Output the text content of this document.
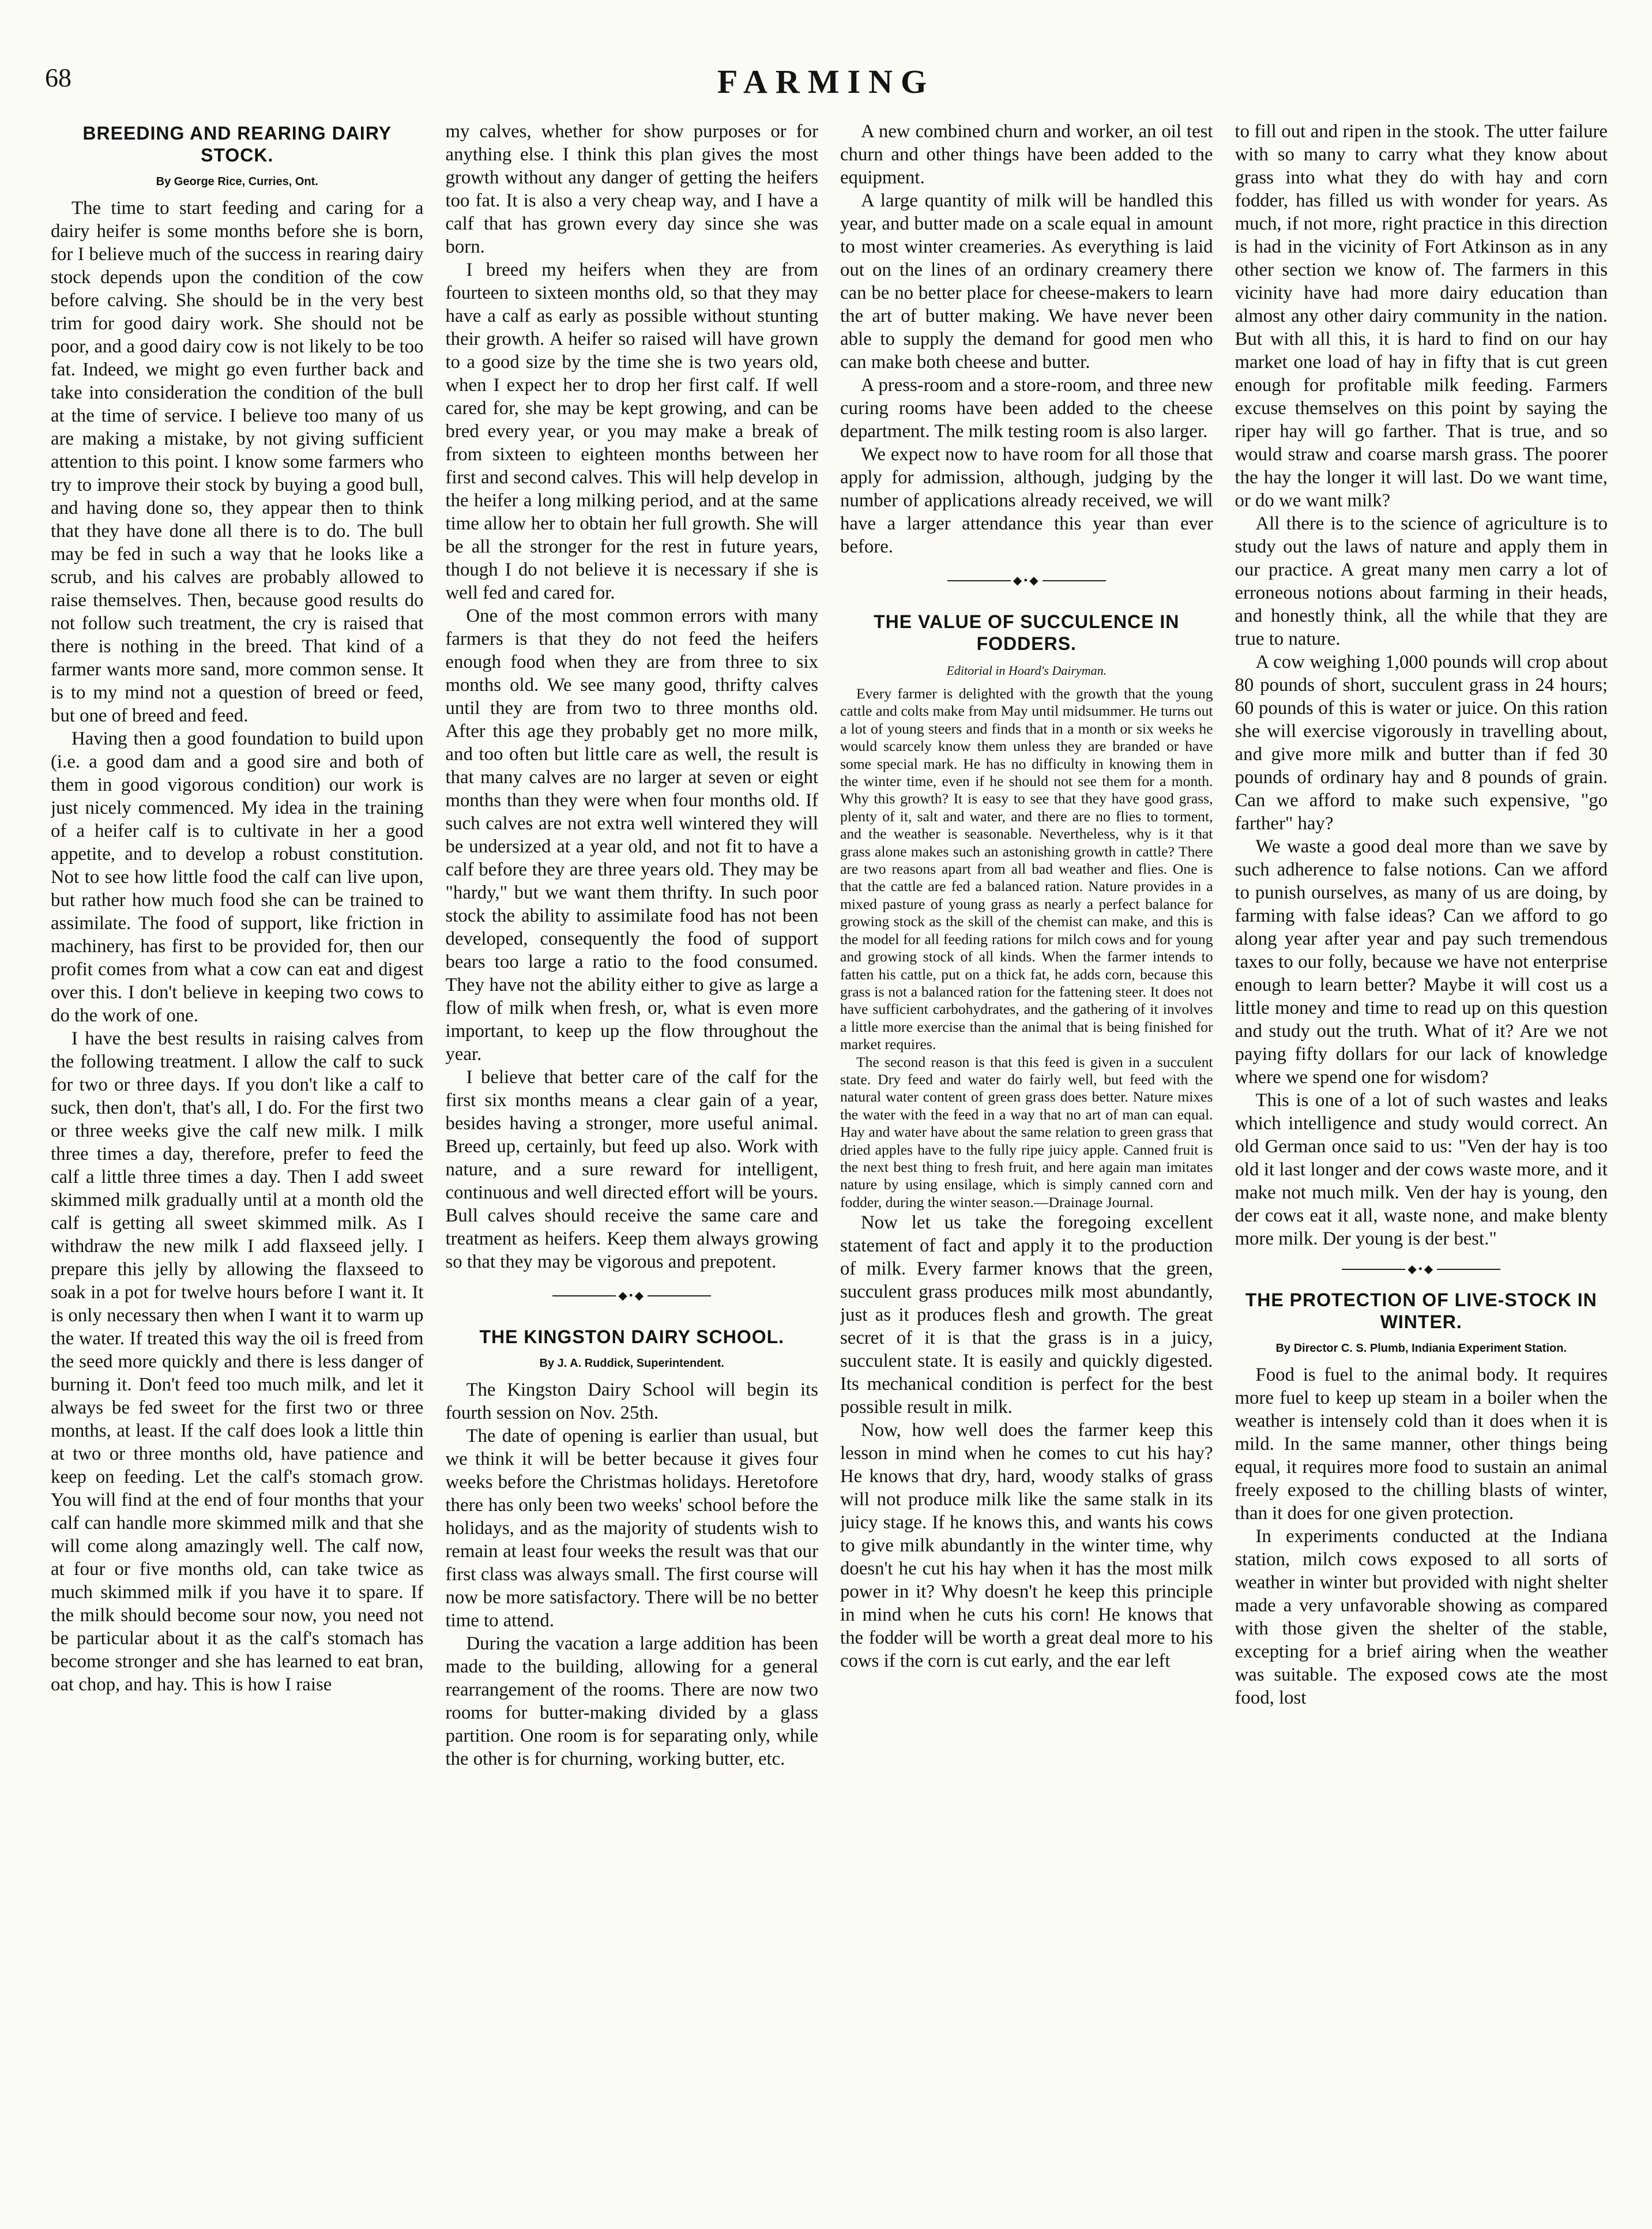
68	FARMING
BREEDING AND REARING DAIRY STOCK.
By George Rice, Curries, Ont.

The time to start feeding and caring for a dairy heifer is some months before she is born, for I believe much of the success in rearing dairy stock depends upon the condition of the cow before calving. She should be in the very best trim for good dairy work. She should not be poor, and a good dairy cow is not likely to be too fat. Indeed, we might go even further back and take into consideration the condition of the bull at the time of service. I believe too many of us are making a mistake, by not giving sufficient attention to this point. I know some farmers who try to improve their stock by buying a good bull, and having done so, they appear then to think that they have done all there is to do. The bull may be fed in such a way that he looks like a scrub, and his calves are probably allowed to raise themselves. Then, because good results do not follow such treatment, the cry is raised that there is nothing in the breed. That kind of a farmer wants more sand, more common sense. It is to my mind not a question of breed or feed, but one of breed and feed.

Having then a good foundation to build upon (i.e. a good dam and a good sire and both of them in good vigorous condition) our work is just nicely commenced. My idea in the training of a heifer calf is to cultivate in her a good appetite, and to develop a robust constitution. Not to see how little food the calf can live upon, but rather how much food she can be trained to assimilate. The food of support, like friction in machinery, has first to be provided for, then our profit comes from what a cow can eat and digest over this. I don't believe in keeping two cows to do the work of one.

I have the best results in raising calves from the following treatment. I allow the calf to suck for two or three days. If you don't like a calf to suck, then don't, that's all, I do. For the first two or three weeks give the calf new milk. I milk three times a day, therefore, prefer to feed the calf a little three times a day. Then I add sweet skimmed milk gradually until at a month old the calf is getting all sweet skimmed milk. As I withdraw the new milk I add flaxseed jelly. I prepare this jelly by allowing the flaxseed to soak in a pot for twelve hours before I want it. It is only necessary then when I want it to warm up the water. If treated this way the oil is freed from the seed more quickly and there is less danger of burning it. Don't feed too much milk, and let it always be fed sweet for the first two or three months, at least. If the calf does look a little thin at two or three months old, have patience and keep on feeding. Let the calf's stomach grow. You will find at the end of four months that your calf can handle more skimmed milk and that she will come along amazingly well. The calf now, at four or five months old, can take twice as much skimmed milk if you have it to spare. If the milk should become sour now, you need not be particular about it as the calf's stomach has become stronger and she has learned to eat bran, oat chop, and hay. This is how I raise

my calves, whether for show purposes or for anything else. I think this plan gives the most growth without any danger of getting the heifers too fat. It is also a very cheap way, and I have a calf that has grown every day since she was born.

I breed my heifers when they are from fourteen to sixteen months old, so that they may have a calf as early as possible without stunting their growth. A heifer so raised will have grown to a good size by the time she is two years old, when I expect her to drop her first calf. If well cared for, she may be kept growing, and can be bred every year, or you may make a break of from sixteen to eighteen months between her first and second calves. This will help develop in the heifer a long milking period, and at the same time allow her to obtain her full growth. She will be all the stronger for the rest in future years, though I do not believe it is necessary if she is well fed and cared for.

One of the most common errors with many farmers is that they do not feed the heifers enough food when they are from three to six months old. We see many good, thrifty calves until they are from two to three months old. After this age they probably get no more milk, and too often but little care as well, the result is that many calves are no larger at seven or eight months than they were when four months old. If such calves are not extra well wintered they will be undersized at a year old, and not fit to have a calf before they are three years old. They may be "hardy," but we want them thrifty. In such poor stock the ability to assimilate food has not been developed, consequently the food of support bears too large a ratio to the food consumed. They have not the ability either to give as large a flow of milk when fresh, or, what is even more important, to keep up the flow throughout the year.

I believe that better care of the calf for the first six months means a clear gain of a year, besides having a stronger, more useful animal. Breed up, certainly, but feed up also. Work with nature, and a sure reward for intelligent, continuous and well directed effort will be yours. Bull calves should receive the same care and treatment as heifers. Keep them always growing so that they may be vigorous and prepotent.

◆•◆
THE KINGSTON DAIRY SCHOOL.
By J. A. Ruddick, Superintendent.

The Kingston Dairy School will begin its fourth session on Nov. 25th.

The date of opening is earlier than usual, but we think it will be better because it gives four weeks before the Christmas holidays. Heretofore there has only been two weeks' school before the holidays, and as the majority of students wish to remain at least four weeks the result was that our first class was always small. The first course will now be more satisfactory. There will be no better time to attend.

During the vacation a large addition has been made to the building, allowing for a general rearrangement of the rooms. There are now two rooms for butter-making divided by a glass partition. One room is for separating only, while the other is for churning, working butter, etc.

A new combined churn and worker, an oil test churn and other things have been added to the equipment.

A large quantity of milk will be handled this year, and butter made on a scale equal in amount to most winter creameries. As everything is laid out on the lines of an ordinary creamery there can be no better place for cheese-makers to learn the art of butter making. We have never been able to supply the demand for good men who can make both cheese and butter.

A press-room and a store-room, and three new curing rooms have been added to the cheese department. The milk testing room is also larger.

We expect now to have room for all those that apply for admission, although, judging by the number of applications already received, we will have a larger attendance this year than ever before.

◆•◆
THE VALUE OF SUCCULENCE IN FODDERS.
Editorial in Hoard's Dairyman.

Every farmer is delighted with the growth that the young cattle and colts make from May until midsummer. He turns out a lot of young steers and finds that in a month or six weeks he would scarcely know them unless they are branded or have some special mark. He has no difficulty in knowing them in the winter time, even if he should not see them for a month. Why this growth? It is easy to see that they have good grass, plenty of it, salt and water, and there are no flies to torment, and the weather is seasonable. Nevertheless, why is it that grass alone makes such an astonishing growth in cattle? There are two reasons apart from all bad weather and flies. One is that the cattle are fed a balanced ration. Nature provides in a mixed pasture of young grass as nearly a perfect balance for growing stock as the skill of the chemist can make, and this is the model for all feeding rations for milch cows and for young and growing stock of all kinds. When the farmer intends to fatten his cattle, put on a thick fat, he adds corn, because this grass is not a balanced ration for the fattening steer. It does not have sufficient carbohydrates, and the gathering of it involves a little more exercise than the animal that is being finished for market requires.

The second reason is that this feed is given in a succulent state. Dry feed and water do fairly well, but feed with the natural water content of green grass does better. Nature mixes the water with the feed in a way that no art of man can equal. Hay and water have about the same relation to green grass that dried apples have to the fully ripe juicy apple. Canned fruit is the next best thing to fresh fruit, and here again man imitates nature by using ensilage, which is simply canned corn and fodder, during the winter season.—Drainage Journal.

Now let us take the foregoing excellent statement of fact and apply it to the production of milk. Every farmer knows that the green, succulent grass produces milk most abundantly, just as it produces flesh and growth. The great secret of it is that the grass is in a juicy, succulent state. It is easily and quickly digested. Its mechanical condition is perfect for the best possible result in milk.

Now, how well does the farmer keep this lesson in mind when he comes to cut his hay? He knows that dry, hard, woody stalks of grass will not produce milk like the same stalk in its juicy stage. If he knows this, and wants his cows to give milk abundantly in the winter time, why doesn't he cut his hay when it has the most milk power in it? Why doesn't he keep this principle in mind when he cuts his corn! He knows that the fodder will be worth a great deal more to his cows if the corn is cut early, and the ear left

to fill out and ripen in the stook. The utter failure with so many to carry what they know about grass into what they do with hay and corn fodder, has filled us with wonder for years. As much, if not more, right practice in this direction is had in the vicinity of Fort Atkinson as in any other section we know of. The farmers in this vicinity have had more dairy education than almost any other dairy community in the nation. But with all this, it is hard to find on our hay market one load of hay in fifty that is cut green enough for profitable milk feeding. Farmers excuse themselves on this point by saying the riper hay will go farther. That is true, and so would straw and coarse marsh grass. The poorer the hay the longer it will last. Do we want time, or do we want milk?

All there is to the science of agriculture is to study out the laws of nature and apply them in our practice. A great many men carry a lot of erroneous notions about farming in their heads, and honestly think, all the while that they are true to nature.

A cow weighing 1,000 pounds will crop about 80 pounds of short, succulent grass in 24 hours; 60 pounds of this is water or juice. On this ration she will exercise vigorously in travelling about, and give more milk and butter than if fed 30 pounds of ordinary hay and 8 pounds of grain. Can we afford to make such expensive, "go farther" hay?

We waste a good deal more than we save by such adherence to false notions. Can we afford to punish ourselves, as many of us are doing, by farming with false ideas? Can we afford to go along year after year and pay such tremendous taxes to our folly, because we have not enterprise enough to learn better? Maybe it will cost us a little money and time to read up on this question and study out the truth. What of it? Are we not paying fifty dollars for our lack of knowledge where we spend one for wisdom?

This is one of a lot of such wastes and leaks which intelligence and study would correct. An old German once said to us: "Ven der hay is too old it last longer and der cows waste more, and it make not much milk. Ven der hay is young, den der cows eat it all, waste none, and make blenty more milk. Der young is der best."

◆•◆
THE PROTECTION OF LIVE-STOCK IN WINTER.
By Director C. S. Plumb, Indiania Experiment Station.

Food is fuel to the animal body. It requires more fuel to keep up steam in a boiler when the weather is intensely cold than it does when it is mild. In the same manner, other things being equal, it requires more food to sustain an animal freely exposed to the chilling blasts of winter, than it does for one given protection.

In experiments conducted at the Indiana station, milch cows exposed to all sorts of weather in winter but provided with night shelter made a very unfavorable showing as compared with those given the shelter of the stable, excepting for a brief airing when the weather was suitable. The exposed cows ate the most food, lost
